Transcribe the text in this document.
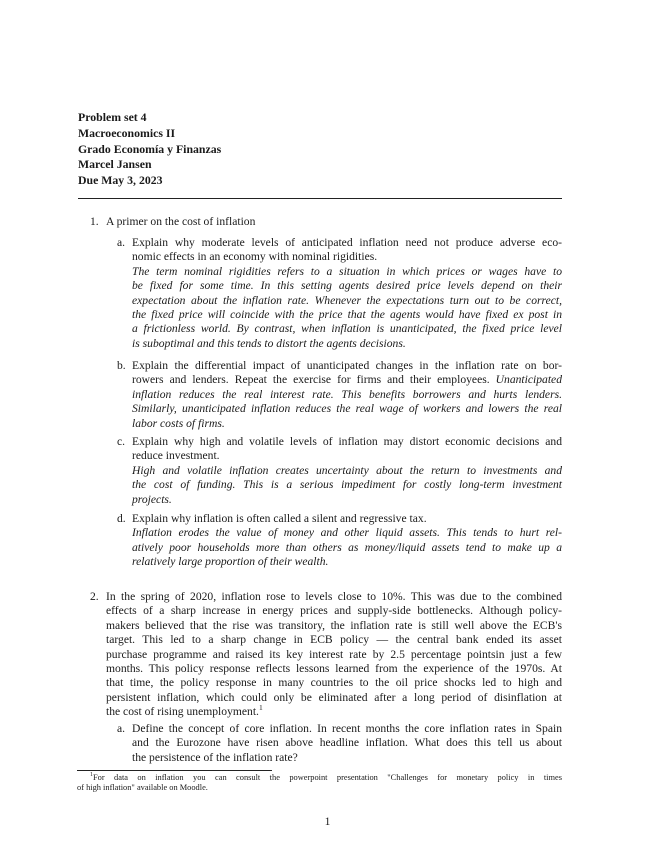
Problem set 4
Macroeconomics II
Grado Economía y Finanzas
Marcel Jansen
Due May 3, 2023
1. A primer on the cost of inflation
a. Explain why moderate levels of anticipated inflation need not produce adverse eco-
nomic effects in an economy with nominal rigidities.
The term nominal rigidities refers to a situation in which prices or wages have to
be fixed for some time. In this setting agents desired price levels depend on their
expectation about the inflation rate. Whenever the expectations turn out to be correct,
the fixed price will coincide with the price that the agents would have fixed ex post in
a frictionless world. By contrast, when inflation is unanticipated, the fixed price level
is suboptimal and this tends to distort the agents decisions.
b. Explain the differential impact of unanticipated changes in the inflation rate on bor-
rowers and lenders. Repeat the exercise for firms and their employees. Unanticipated
inflation reduces the real interest rate. This benefits borrowers and hurts lenders.
Similarly, unanticipated inflation reduces the real wage of workers and lowers the real
labor costs of firms.
c. Explain why high and volatile levels of inflation may distort economic decisions and
reduce investment.
High and volatile inflation creates uncertainty about the return to investments and
the cost of funding. This is a serious impediment for costly long-term investment
projects.
d. Explain why inflation is often called a silent and regressive tax.
Inflation erodes the value of money and other liquid assets. This tends to hurt rel-
atively poor households more than others as money/liquid assets tend to make up a
relatively large proportion of their wealth.
2. In the spring of 2020, inflation rose to levels close to 10%. This was due to the combined
effects of a sharp increase in energy prices and supply-side bottlenecks. Although policy-
makers believed that the rise was transitory, the inflation rate is still well above the ECB's
target. This led to a sharp change in ECB policy — the central bank ended its asset
purchase programme and raised its key interest rate by 2.5 percentage pointsin just a few
months. This policy response reflects lessons learned from the experience of the 1970s. At
that time, the policy response in many countries to the oil price shocks led to high and
persistent inflation, which could only be eliminated after a long period of disinflation at
the cost of rising unemployment.$^1$
a. Define the concept of core inflation. In recent months the core inflation rates in Spain
and the Eurozone have risen above headline inflation. What does this tell us about
the persistence of the inflation rate?
$^1$For data on inflation you can consult the powerpoint presentation "Challenges for monetary policy in times
of high inflation" available on Moodle.
1
